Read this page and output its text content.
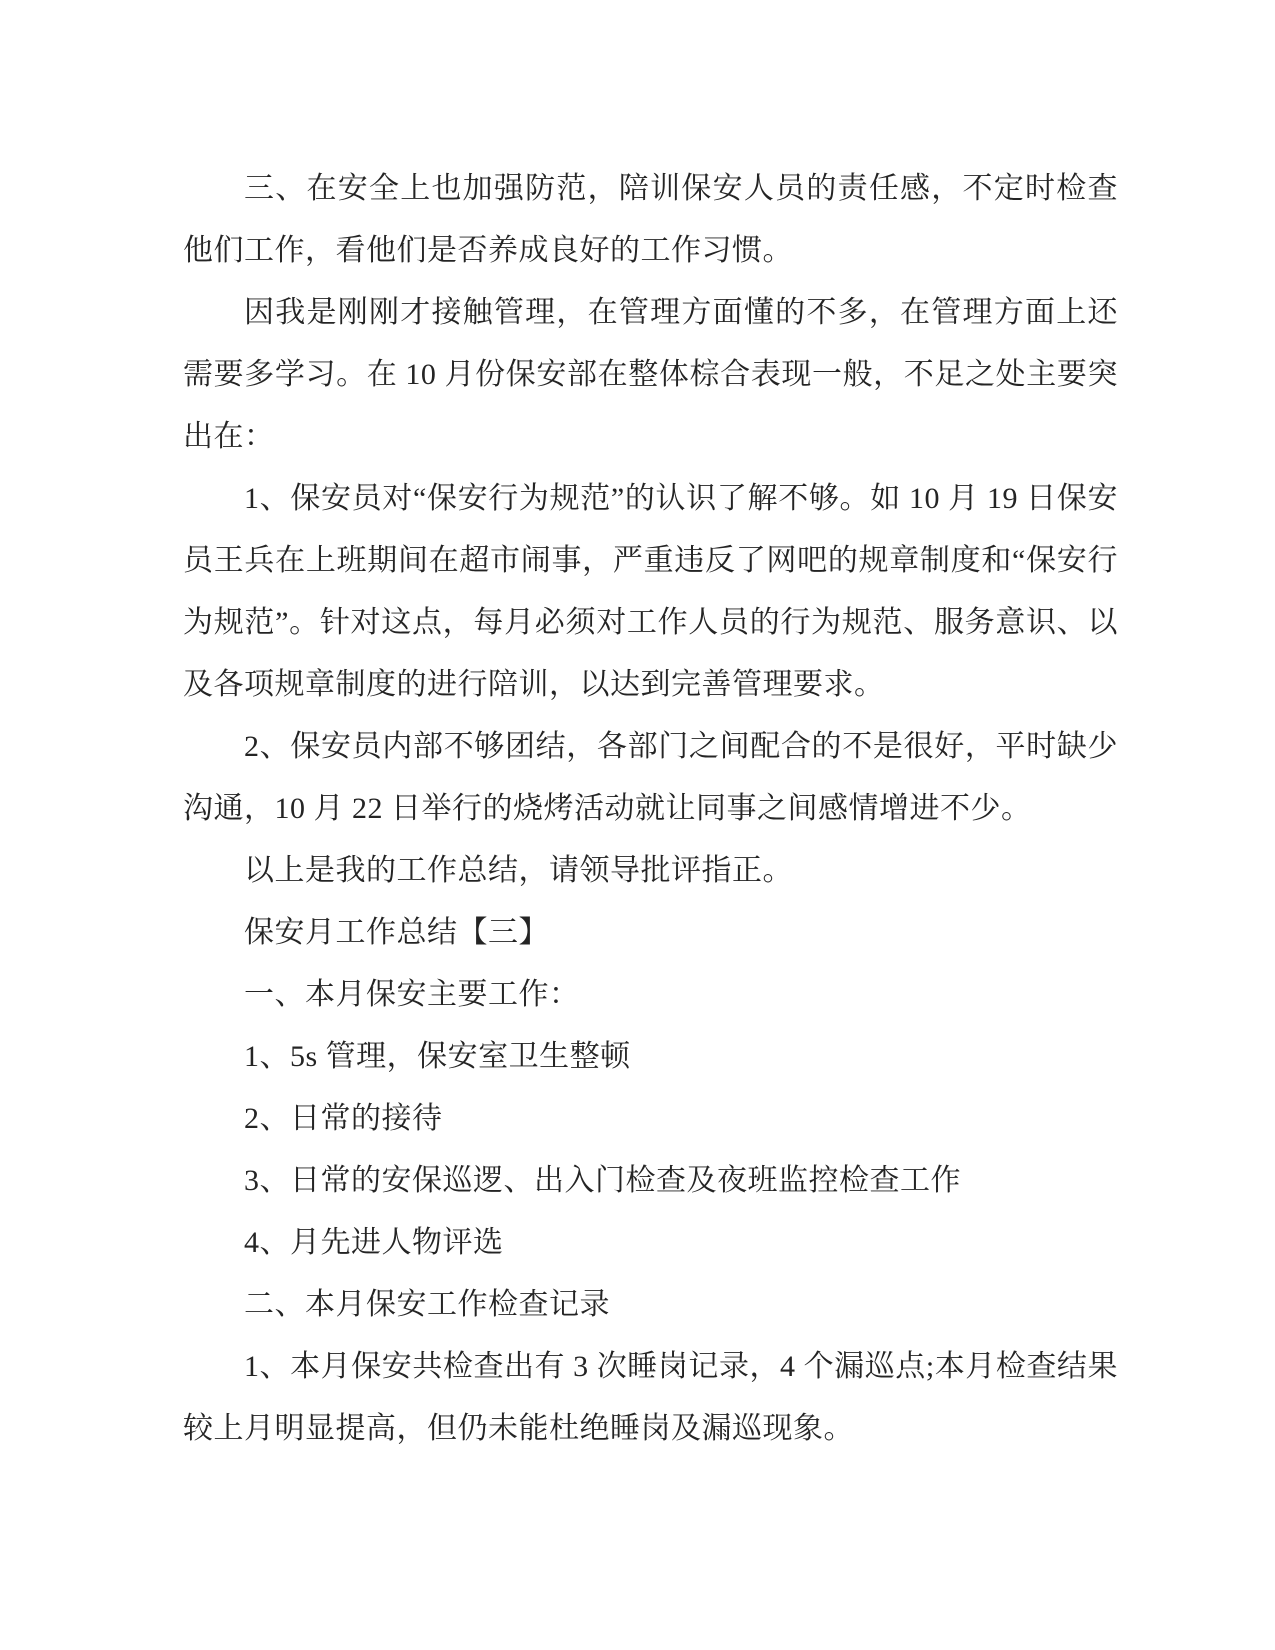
三、在安全上也加强防范，陪训保安人员的责任感，不定时检查他们工作，看他们是否养成良好的工作习惯。

因我是刚刚才接触管理，在管理方面懂的不多，在管理方面上还需要多学习。在 10 月份保安部在整体棕合表现一般，不足之处主要突出在：

1、保安员对“保安行为规范”的认识了解不够。如 10 月 19 日保安员王兵在上班期间在超市闹事，严重违反了网吧的规章制度和“保安行为规范”。针对这点，每月必须对工作人员的行为规范、服务意识、以及各项规章制度的进行陪训，以达到完善管理要求。

2、保安员内部不够团结，各部门之间配合的不是很好，平时缺少沟通，10 月 22 日举行的烧烤活动就让同事之间感情增进不少。

以上是我的工作总结，请领导批评指正。

保安月工作总结【三】

一、本月保安主要工作：

1、5s 管理，保安室卫生整顿

2、日常的接待

3、日常的安保巡逻、出入门检查及夜班监控检查工作

4、月先进人物评选

二、本月保安工作检查记录

1、本月保安共检查出有 3 次睡岗记录，4 个漏巡点;本月检查结果较上月明显提高，但仍未能杜绝睡岗及漏巡现象。
